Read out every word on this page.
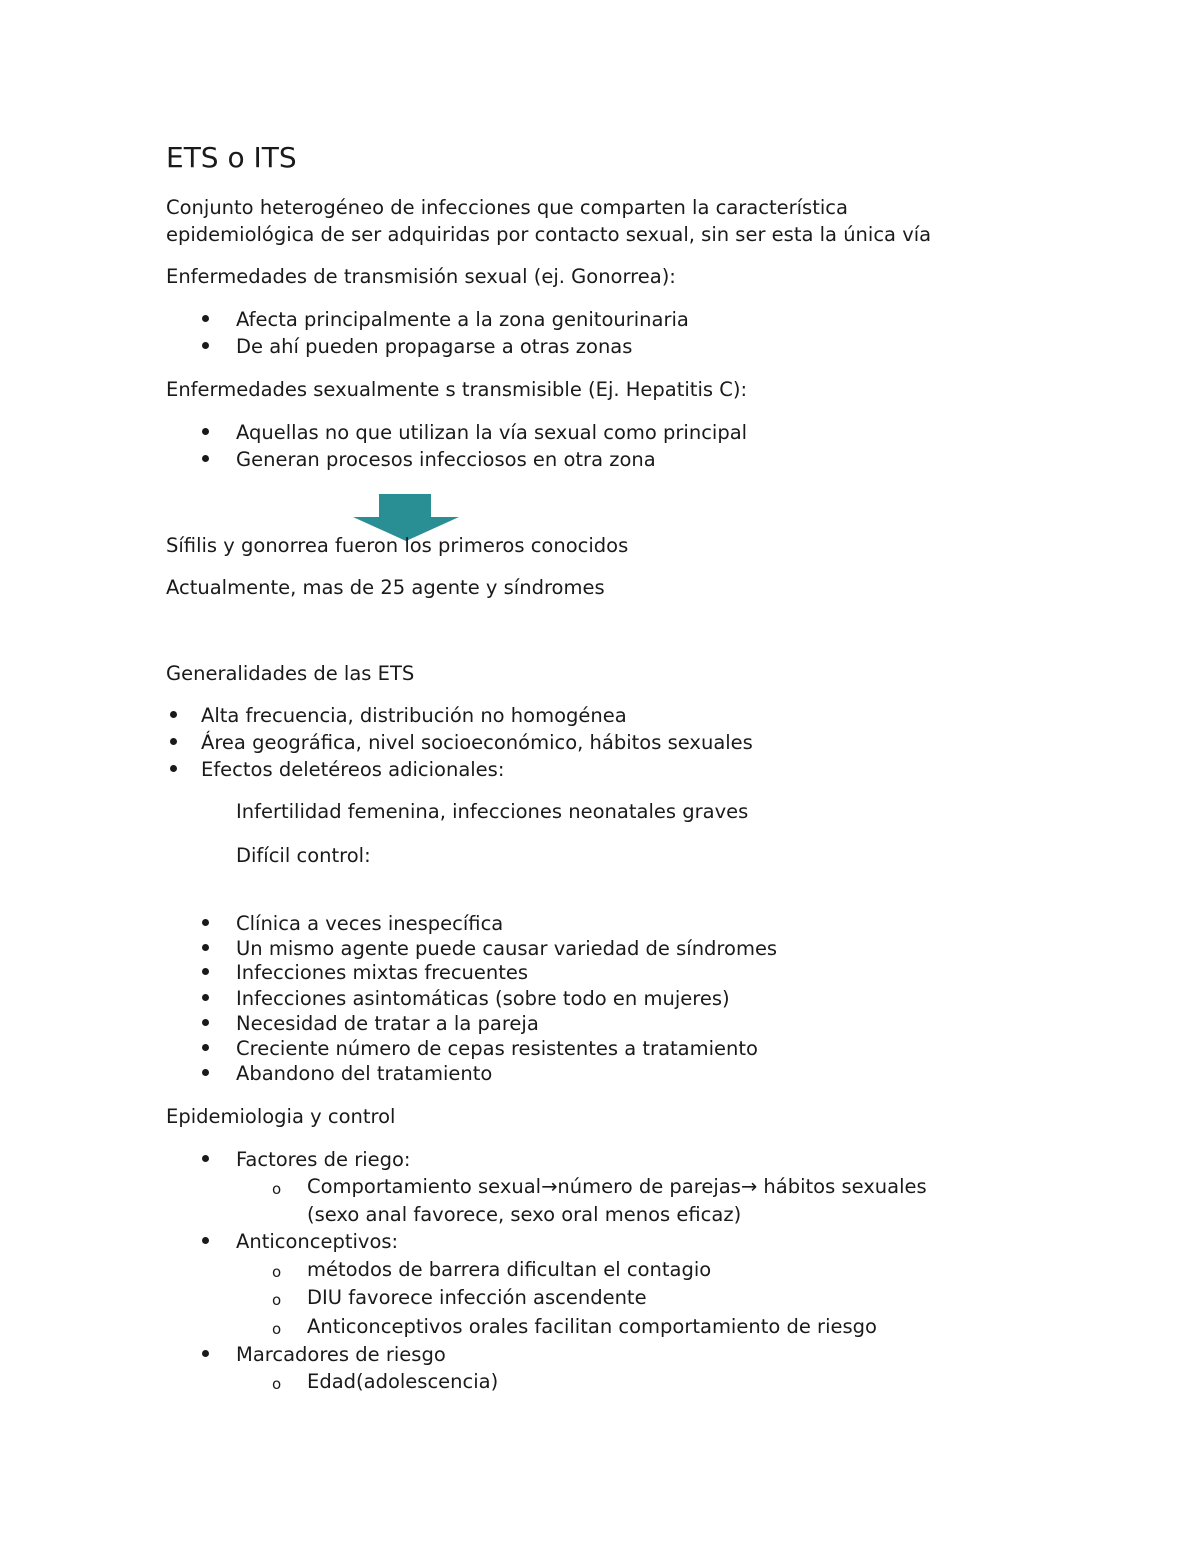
ETS o ITS
Conjunto heterogéneo de infecciones que comparten la característica
epidemiológica de ser adquiridas por contacto sexual, sin ser esta la única vía
Enfermedades de transmisión sexual (ej. Gonorrea):
Afecta principalmente a la zona genitourinaria
De ahí pueden propagarse a otras zonas
Enfermedades sexualmente s transmisible (Ej. Hepatitis C):
Aquellas no que utilizan la vía sexual como principal
Generan procesos infecciosos en otra zona
Sífilis y gonorrea fueron los primeros conocidos
Actualmente, mas de 25 agente y síndromes
Generalidades de las ETS
Alta frecuencia, distribución no homogénea
Área geográfica, nivel socioeconómico, hábitos sexuales
Efectos deletéreos adicionales:
Infertilidad femenina, infecciones neonatales graves
Difícil control:
Clínica a veces inespecífica
Un mismo agente puede causar variedad de síndromes
Infecciones mixtas frecuentes
Infecciones asintomáticas (sobre todo en mujeres)
Necesidad de tratar a la pareja
Creciente número de cepas resistentes a tratamiento
Abandono del tratamiento
Epidemiologia y control
Factores de riego:
o Comportamiento sexual→número de parejas→ hábitos sexuales
(sexo anal favorece, sexo oral menos eficaz)
Anticonceptivos:
o métodos de barrera dificultan el contagio
o DIU favorece infección ascendente
o Anticonceptivos orales facilitan comportamiento de riesgo
Marcadores de riesgo
o Edad(adolescencia)
